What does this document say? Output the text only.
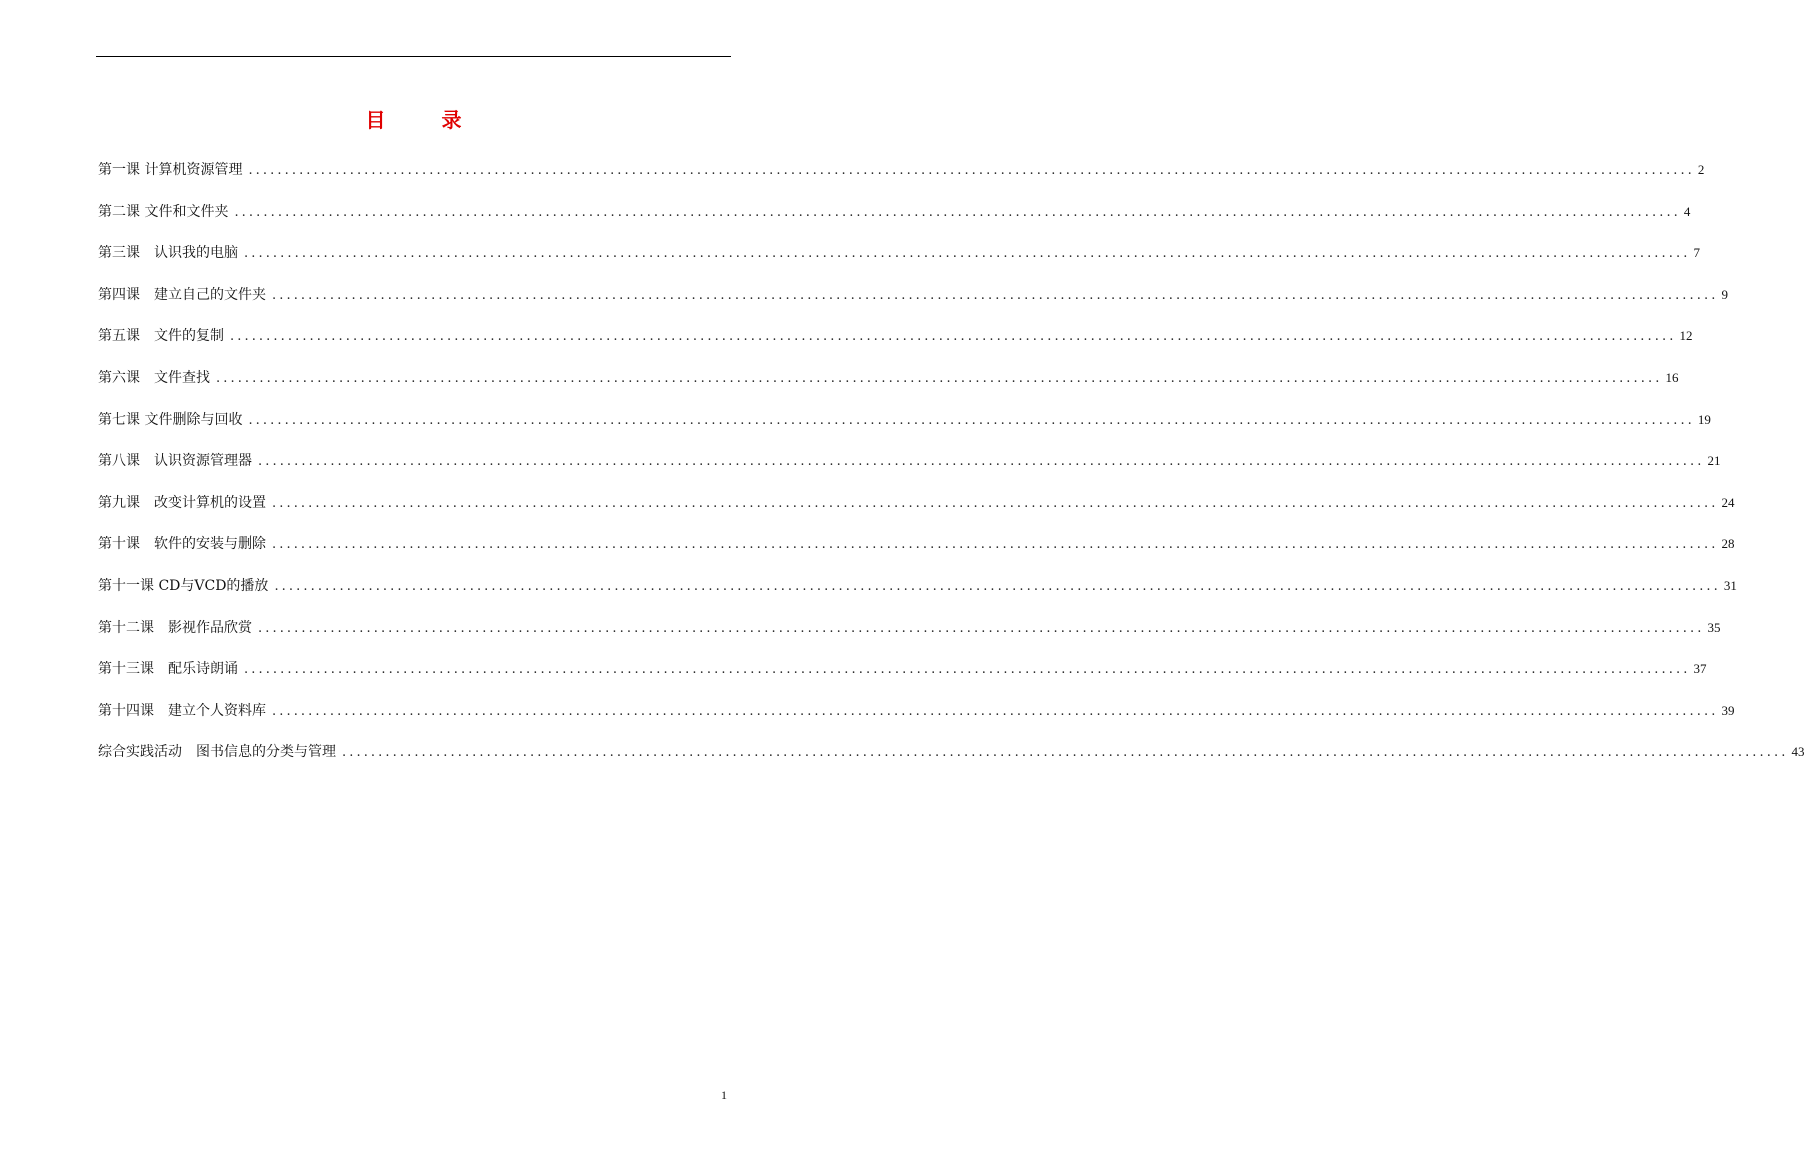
目　录
第一课 计算机资源管理 ........................................................................................................................................................................................................ 2
第二课 文件和文件夹 ........................................................................................................................................................................................................ 4
第三课　认识我的电脑 ........................................................................................................................................................................................................ 7
第四课　建立自己的文件夹 ........................................................................................................................................................................................................ 9
第五课　文件的复制 ........................................................................................................................................................................................................ 12
第六课　文件查找 ........................................................................................................................................................................................................ 16
第七课 文件删除与回收 ........................................................................................................................................................................................................ 19
第八课　认识资源管理器 ........................................................................................................................................................................................................ 21
第九课　改变计算机的设置 ........................................................................................................................................................................................................ 24
第十课　软件的安装与删除 ........................................................................................................................................................................................................ 28
第十一课 CD与VCD的播放 ........................................................................................................................................................................................................ 31
第十二课　影视作品欣赏 ........................................................................................................................................................................................................ 35
第十三课　配乐诗朗诵 ........................................................................................................................................................................................................ 37
第十四课　建立个人资料库 ........................................................................................................................................................................................................ 39
综合实践活动　图书信息的分类与管理 ........................................................................................................................................................................................................ 43
1
